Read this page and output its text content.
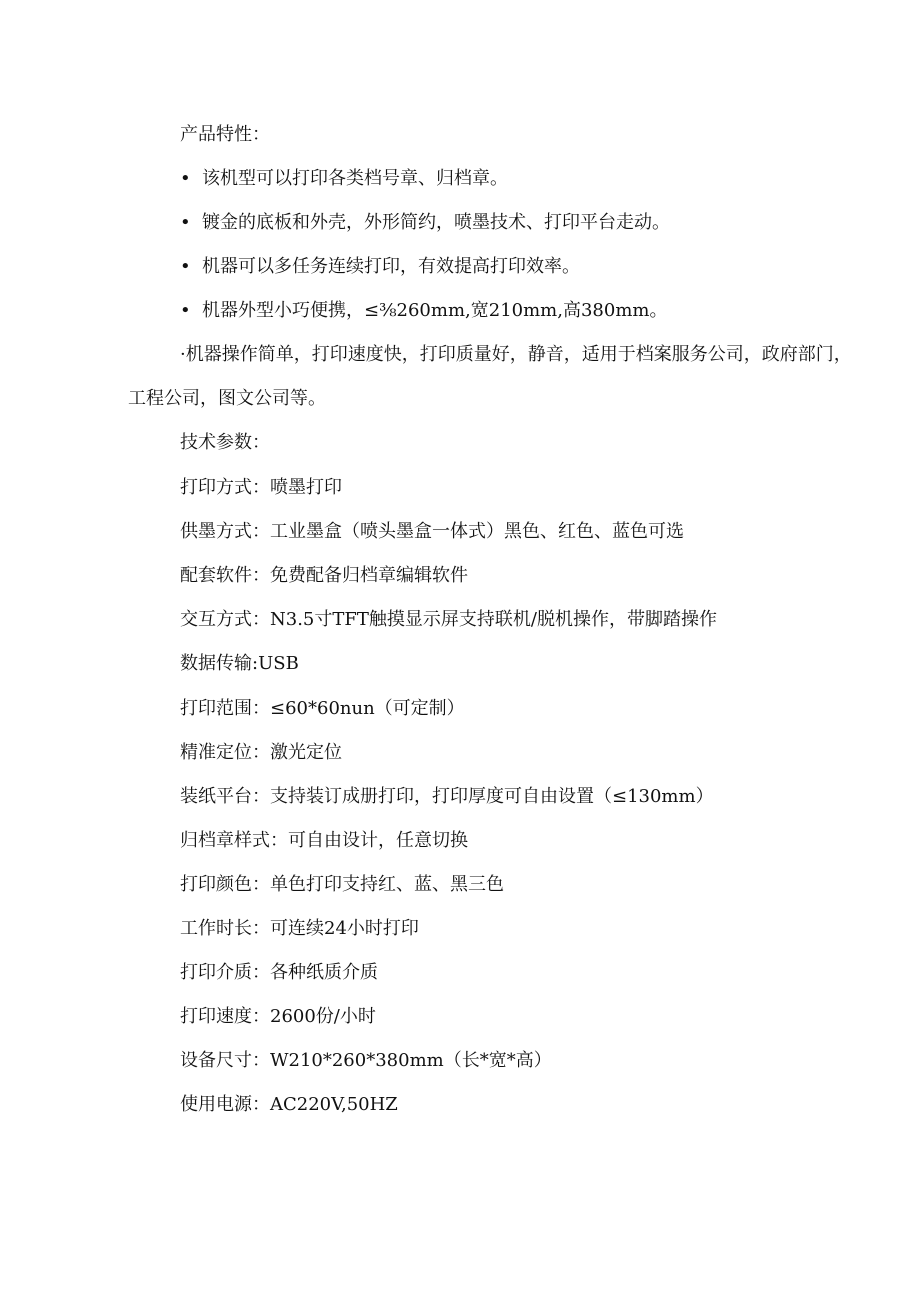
产品特性：
• 该机型可以打印各类档号章、归档章。
• 镀金的底板和外壳，外形简约，喷墨技术、打印平台走动。
• 机器可以多任务连续打印，有效提高打印效率。
• 机器外型小巧便携，≤⅜260mm,宽210mm,高380mm。
·机器操作简单，打印速度快，打印质量好，静音，适用于档案服务公司，政府部门，工程公司，图文公司等。
技术参数：
打印方式：喷墨打印
供墨方式：工业墨盒（喷头墨盒一体式）黑色、红色、蓝色可选
配套软件：免费配备归档章编辑软件
交互方式：N3.5寸TFT触摸显示屏支持联机/脱机操作，带脚踏操作
数据传输:USB
打印范围：≤60*60nun（可定制）
精准定位：激光定位
装纸平台：支持装订成册打印，打印厚度可自由设置（≤130mm）
归档章样式：可自由设计，任意切换
打印颜色：单色打印支持红、蓝、黑三色
工作时长：可连续24小时打印
打印介质：各种纸质介质
打印速度：2600份/小时
设备尺寸：W210*260*380mm（长*宽*高）
使用电源：AC220V,50HZ
